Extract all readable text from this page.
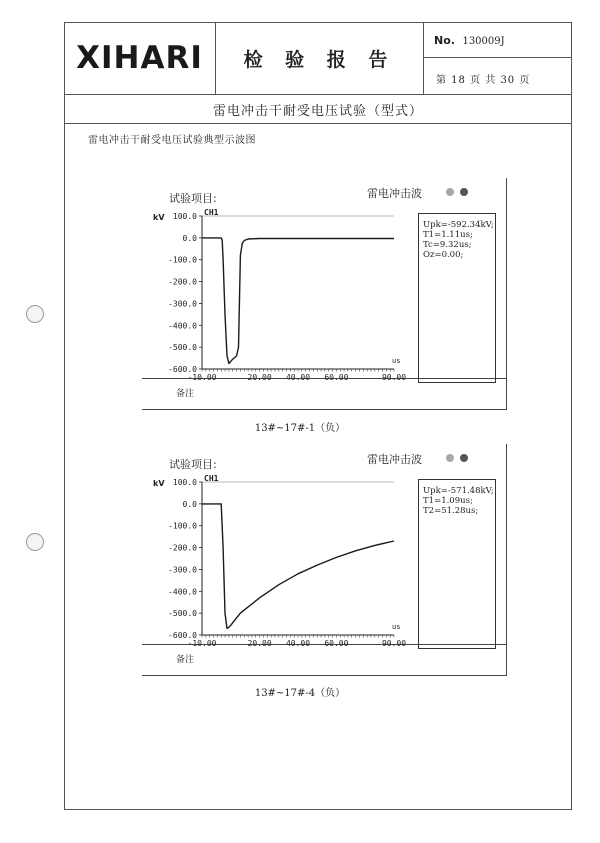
XIHARI	检 验 报 告
No. 130009J
第 18 页 共 30 页
雷电冲击干耐受电压试验（型式）
雷电冲击干耐受电压试验典型示波图
试验项目:	雷电冲击波
100.0
0.0
-100.0
-200.0
-300.0
-400.0
-500.0
-600.0
-10.00	20.00 40.00 60.00	90.00
kV
us
CH1
Upk=-592.34kV;
T1=1.11us;
Tc=9.32us;
Oz=0.00;
备注
13#~17#-1（负）
试验项目:	雷电冲击波
100.0
0.0
-100.0
-200.0
-300.0
-400.0
-500.0
-600.0
-10.00	20.00 40.00 60.00	90.00
kV
us
CH1
Upk=-571.48kV;
T1=1.09us;
T2=51.28us;
备注
13#~17#-4（负）
